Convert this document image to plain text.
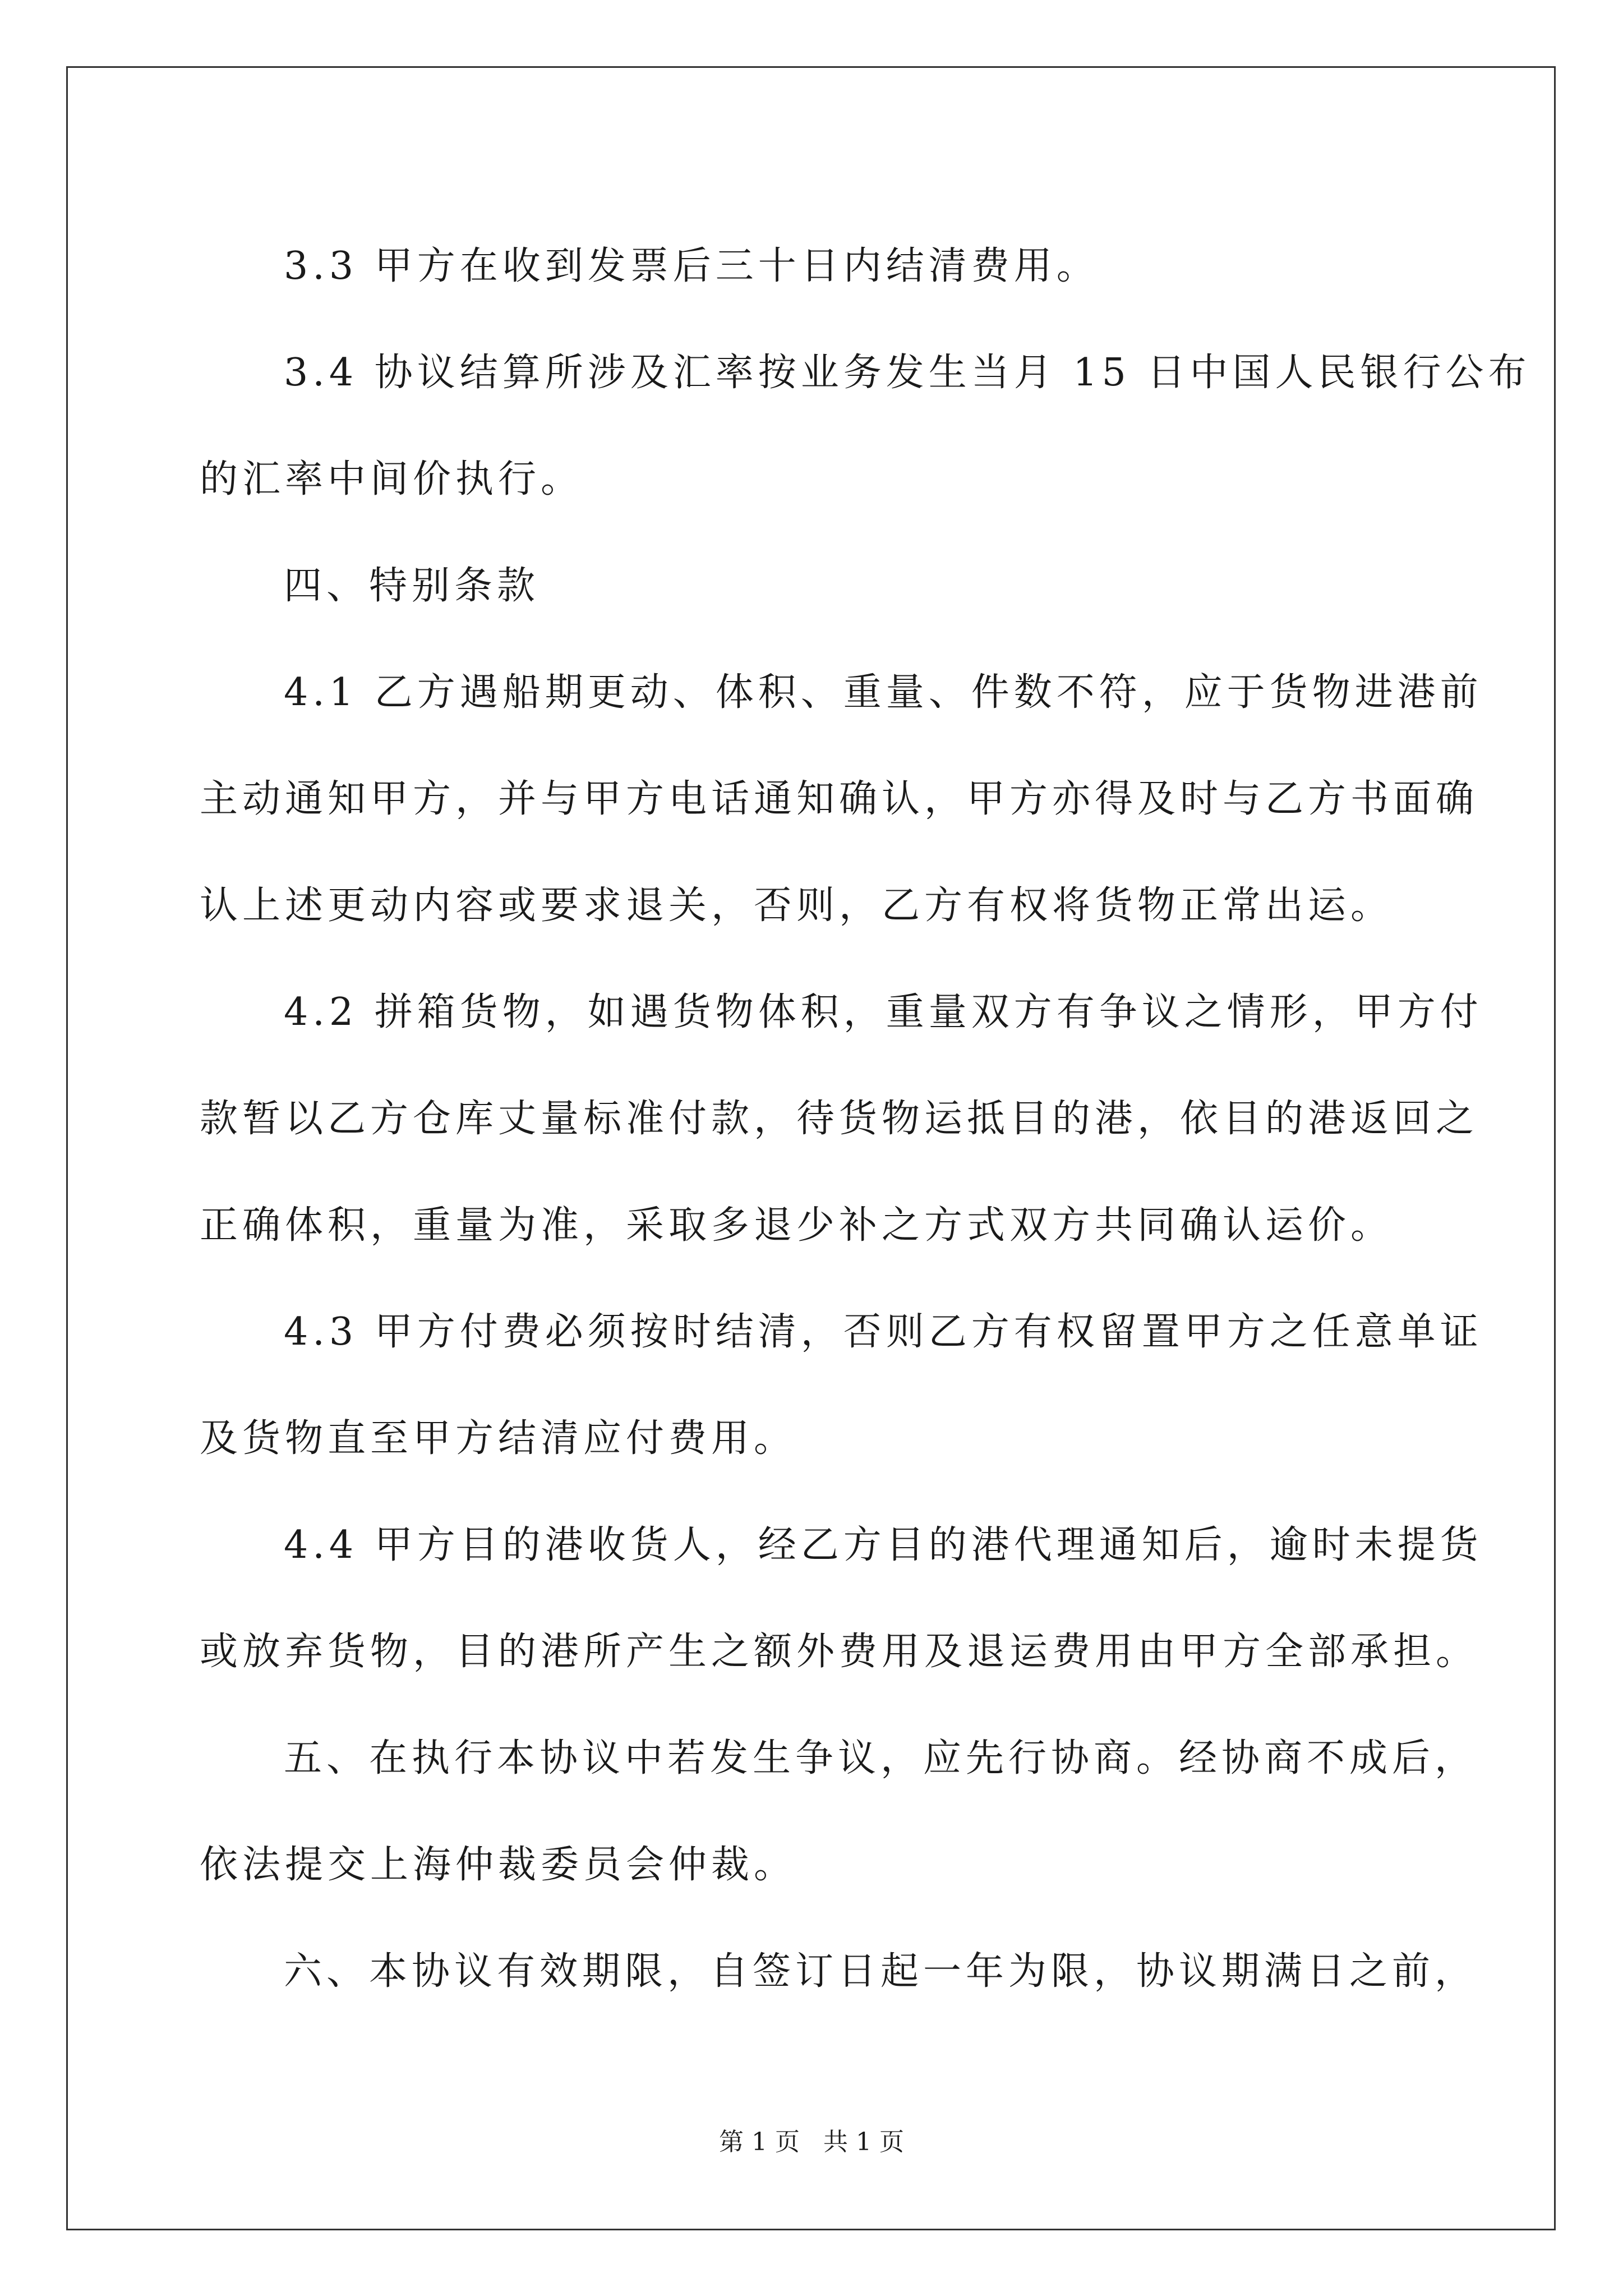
3.3 甲方在收到发票后三十日内结清费用。

3.4 协议结算所涉及汇率按业务发生当月 15 日中国人民银行公布

的汇率中间价执行。

四、特别条款

4.1 乙方遇船期更动、体积、重量、件数不符，应于货物进港前

主动通知甲方，并与甲方电话通知确认，甲方亦得及时与乙方书面确

认上述更动内容或要求退关，否则，乙方有权将货物正常出运。

4.2 拼箱货物，如遇货物体积，重量双方有争议之情形，甲方付

款暂以乙方仓库丈量标准付款，待货物运抵目的港，依目的港返回之

正确体积，重量为准，采取多退少补之方式双方共同确认运价。

4.3 甲方付费必须按时结清，否则乙方有权留置甲方之任意单证

及货物直至甲方结清应付费用。

4.4 甲方目的港收货人，经乙方目的港代理通知后，逾时未提货

或放弃货物，目的港所产生之额外费用及退运费用由甲方全部承担。

五、在执行本协议中若发生争议，应先行协商。经协商不成后，

依法提交上海仲裁委员会仲裁。

六、本协议有效期限，自签订日起一年为限，协议期满日之前，

第 1 页   共 1 页
